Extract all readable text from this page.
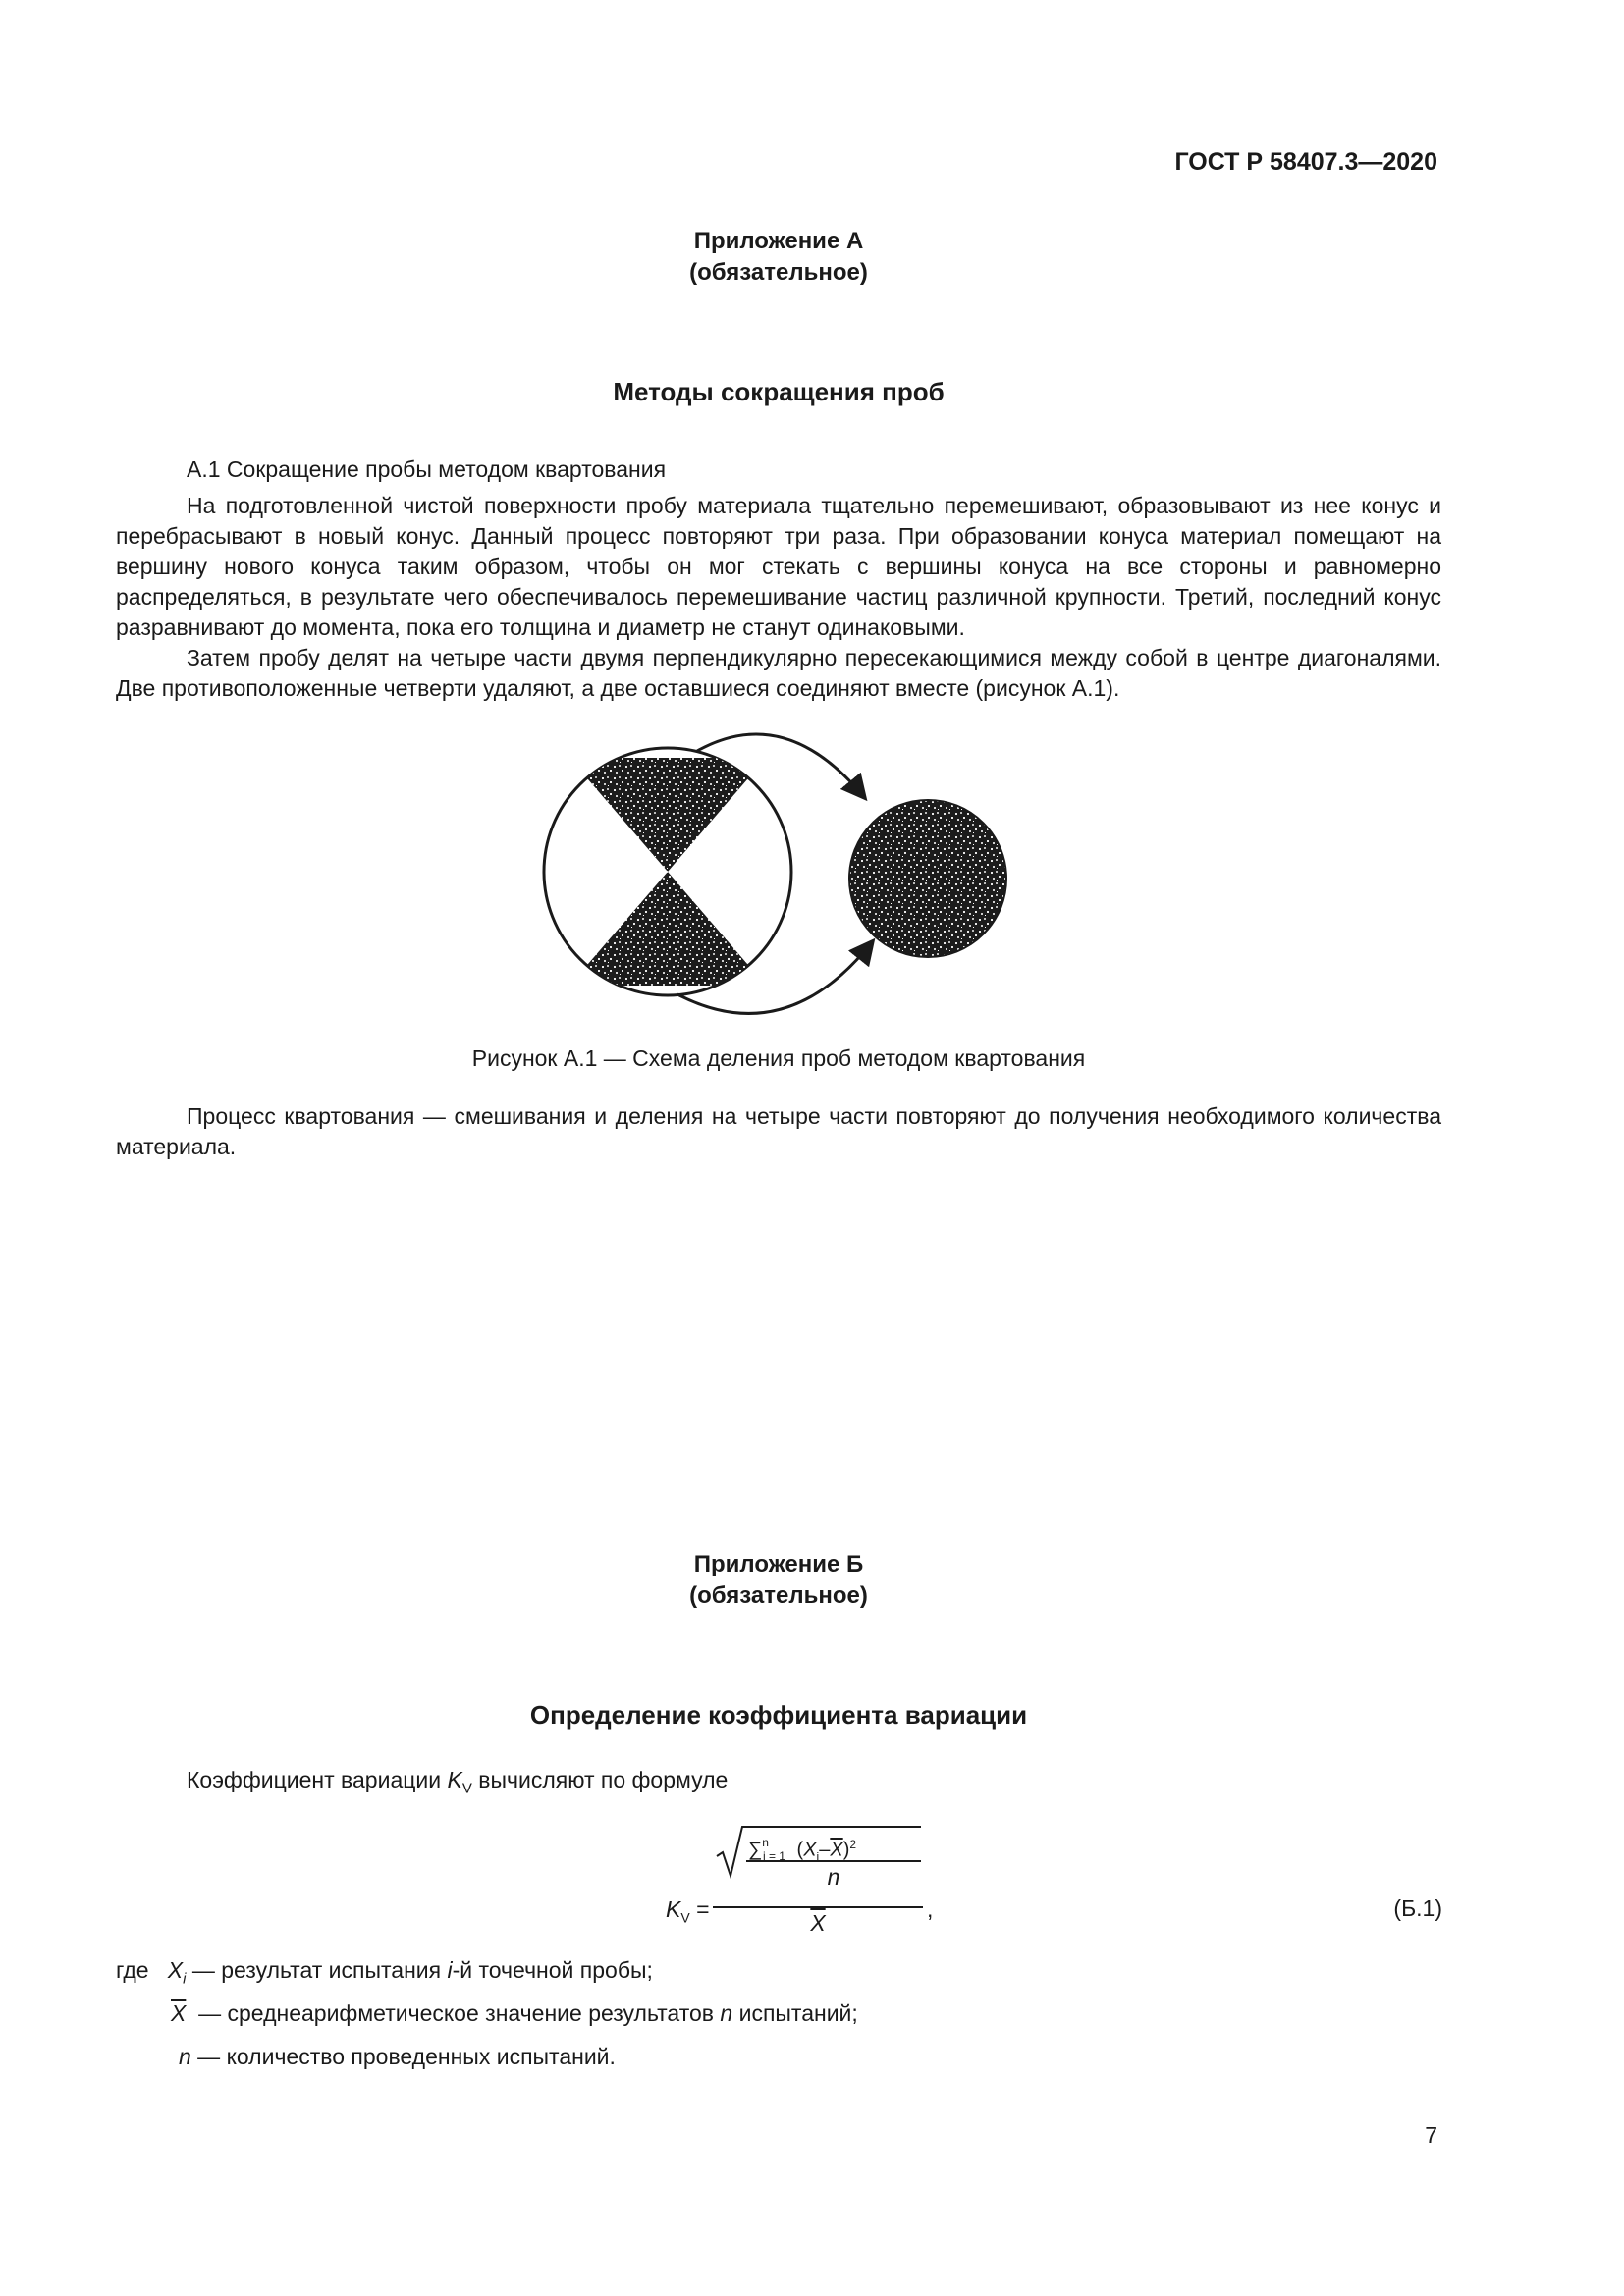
ГОСТ Р 58407.3—2020
Приложение А
(обязательное)
Методы сокращения проб
А.1 Сокращение пробы методом квартования

На подготовленной чистой поверхности пробу материала тщательно перемешивают, образовывают из нее конус и перебрасывают в новый конус. Данный процесс повторяют три раза. При образовании конуса материал помещают на вершину нового конуса таким образом, чтобы он мог стекать с вершины конуса на все стороны и равномерно распределяться, в результате чего обеспечивалось перемешивание частиц различной крупности. Третий, последний конус разравнивают до момента, пока его толщина и диаметр не станут одинаковыми.

Затем пробу делят на четыре части двумя перпендикулярно пересекающимися между собой в центре диагоналями. Две противоположенные четверти удаляют, а две оставшиеся соединяют вместе (рисунок А.1).

Рисунок А.1 — Схема деления проб методом квартования

Процесс квартования — смешивания и деления на четыре части повторяют до получения необходимого количества материала.

Приложение Б
(обязательное)
Определение коэффициента вариации
Коэффициент вариации $K_V$ вычисляют по формуле
$K_V$ =
∑$^n_{i = 1}$ $(X_i-\overline{X})^2$
n
$\overline{X}$
,	(Б.1)
где $X_i$ — результат испытания i-й точечной пробы;
$\overline{X}$  — среднеарифметическое значение результатов n испытаний;
n — количество проведенных испытаний.
7
